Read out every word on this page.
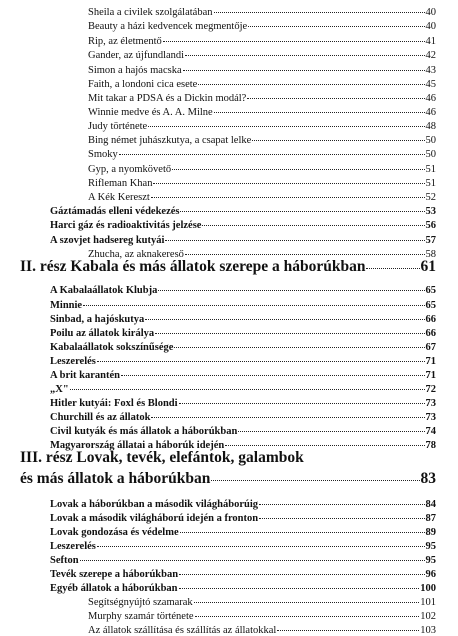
Sheila a civilek szolgálatában	40
Beauty a házi kedvencek megmentője	40
Rip, az életmentő	41
Gander, az újfundlandi	42
Simon a hajós macska	43
Faith, a londoni cica esete	45
Mit takar a PDSA és a Dickin modál?	46
Winnie medve és A. A. Milne	46
Judy története	48
Bing német juhászkutya, a csapat lelke	50
Smoky	50
Gyp, a nyomkövető	51
Rifleman Khan	51
A Kék Kereszt	52
Gáztámadás elleni védekezés	53
Harci gáz és radioaktivitás jelzése	56
A szovjet hadsereg kutyái	57
Zhucha, az aknakereső	58
II. rész Kabala és más állatok szerepe a háborúkban	61
A Kabalaállatok Klubja	65
Minnie	65
Sinbad, a hajóskutya	66
Poilu az állatok királya	66
Kabalaállatok sokszínűsége	67
Leszerelés	71
A brit karantén	71
„X"	72
Hitler kutyái: Foxl és Blondi	73
Churchill és az állatok	73
Civil kutyák és más állatok a háborúkban	74
Magyarország állatai a háborúk idején	78
III. rész Lovak, tevék, elefántok, galambok
és más állatok a háborúkban	83
Lovak a háborúkban a második világháborúig	84
Lovak a második világháború idején a fronton	87
Lovak gondozása és védelme	89
Leszerelés	95
Sefton	95
Tevék szerepe a háborúkban	96
Egyéb állatok a háborúkban	100
Segítségnyújtó szamarak	101
Murphy szamár története	102
Az állatok szállítása és szállítás az állatokkal	103
